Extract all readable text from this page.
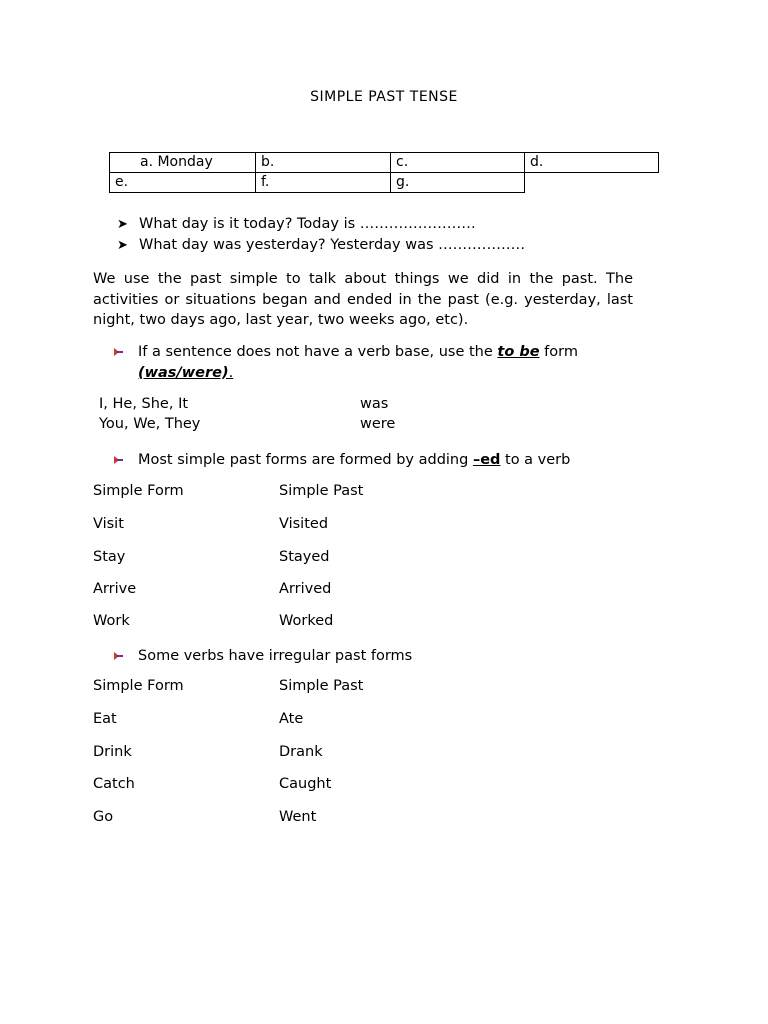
SIMPLE PAST TENSE
a. Monday	b.	c.	d.
e.	f.	g.	
➤ What day is it today? Today is ……………………
➤ What day was yesterday? Yesterday was ………………
We use the past simple to talk about things we did in the past. The activities or situations began and ended in the past (e.g. yesterday, last night, two days ago, last year, two weeks ago, etc).
If a sentence does not have a verb base, use the to be form
(was/were).
I, He, She, It	was
You, We, They	were
Most simple past forms are formed by adding –ed to a verb
Simple Form	Simple Past
Visit	Visited
Stay	Stayed
Arrive	Arrived
Work	Worked
Some verbs have irregular past forms
Simple Form	Simple Past
Eat	Ate
Drink	Drank
Catch	Caught
Go	Went
